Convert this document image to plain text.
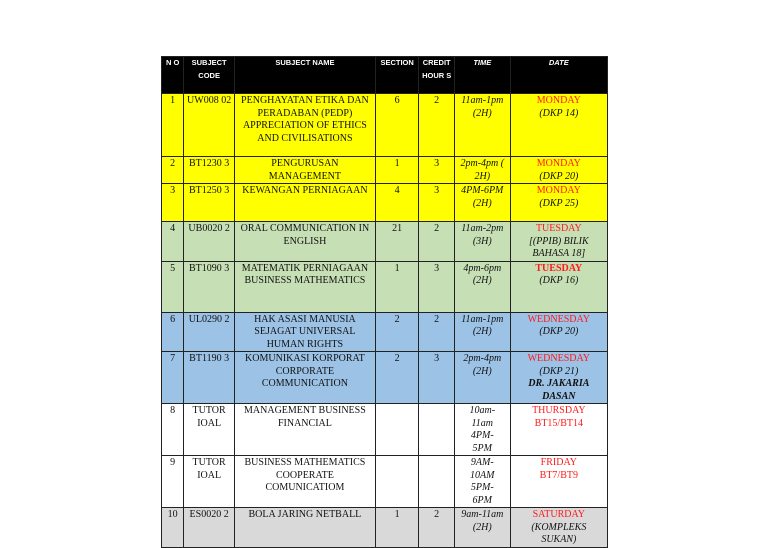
N O	SUBJECT CODE	SUBJECT NAME	SECTION	CREDIT HOUR S	TIME	DATE
1	UW008 02	PENGHAYATAN ETIKA DAN PERADABAN (PEDP) APPRECIATION OF ETHICS AND CIVILISATIONS	6	2	11am-1pm (2H)	MONDAY
(DKP 14)

2	BT1230 3	PENGURUSAN MANAGEMENT	1	3	2pm-4pm ( 2H)	MONDAY
(DKP 20)

3	BT1250 3	KEWANGAN PERNIAGAAN	4	3	4PM-6PM (2H)	MONDAY
(DKP 25)

4	UB0020 2	ORAL COMMUNICATION IN ENGLISH	21	2	11am-2pm (3H)	TUESDAY
[(PPIB) BILIK BAHASA 18]

5	BT1090 3	MATEMATIK PERNIAGAAN BUSINESS MATHEMATICS	1	3	4pm-6pm (2H)	TUESDAY
(DKP 16)

6	UL0290 2	HAK ASASI MANUSIA SEJAGAT UNIVERSAL HUMAN RIGHTS	2	2	11am-1pm (2H)	WEDNESDAY
(DKP 20)

7	BT1190 3	KOMUNIKASI KORPORAT CORPORATE COMMUNICATION	2	3	2pm-4pm (2H)	WEDNESDAY
(DKP 21)
DR. JAKARIA DASAN

8	TUTOR IOAL	MANAGEMENT BUSINESS FINANCIAL			10am-
11am
4PM-
5PM	THURSDAY
BT15/BT14

9	TUTOR IOAL	BUSINESS MATHEMATICS COOPERATE COMUNICATIOM			9AM-
10AM
5PM-
6PM	FRIDAY
BT7/BT9

10	ES0020 2	BOLA JARING NETBALL	1	2	9am-11am (2H)	SATURDAY
(KOMPLEKS SUKAN)
